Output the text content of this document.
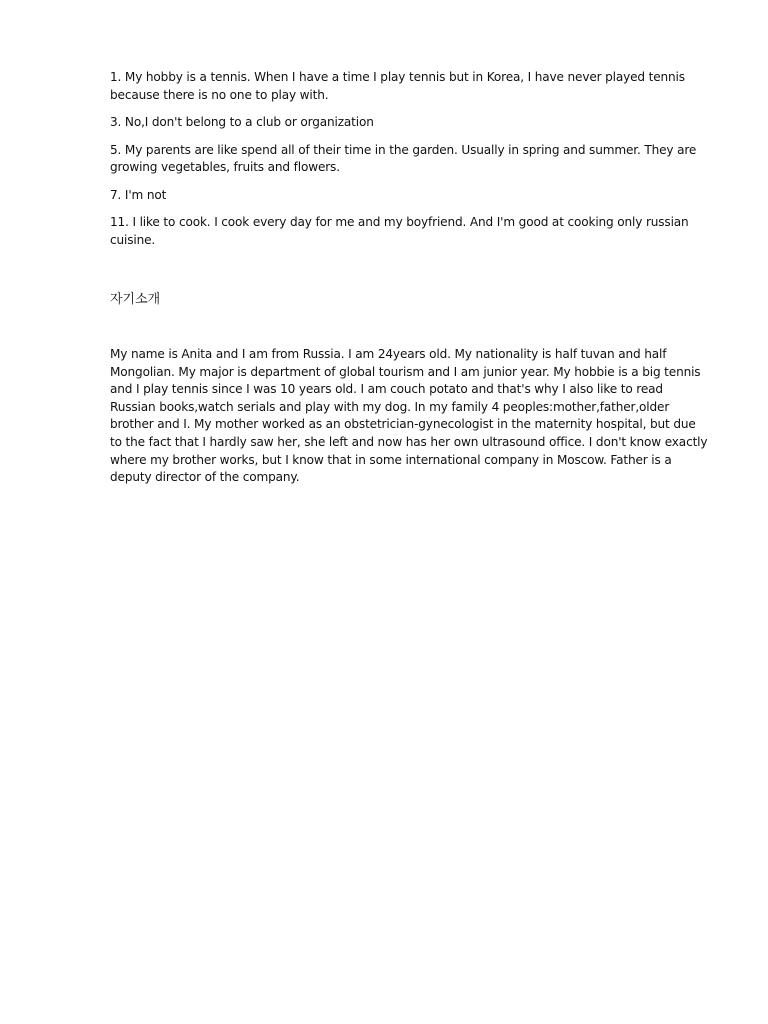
1. My hobby is a tennis. When I have a time I play tennis but in Korea, I have never played tennis because there is no one to play with.

3. No,I don't belong to a club or organization

5. My parents are like spend all of their time in the garden. Usually in spring and summer. They are growing vegetables, fruits and flowers.

7. I'm not

11. I like to cook. I cook every day for me and my boyfriend. And I'm good at cooking only russian cuisine.

자기소개

My name is Anita and I am from Russia. I am 24years old. My nationality is half tuvan and half Mongolian. My major is department of global tourism and I am junior year. My hobbie is a big tennis and I play tennis since I was 10 years old. I am couch potato and that's why I also like to read Russian books,watch serials and play with my dog. In my family 4 peoples:mother,father,older brother and I. My mother worked as an obstetrician-gynecologist in the maternity hospital, but due to the fact that I hardly saw her, she left and now has her own ultrasound office. I don't know exactly where my brother works, but I know that in some international company in Moscow. Father is a deputy director of the company.
